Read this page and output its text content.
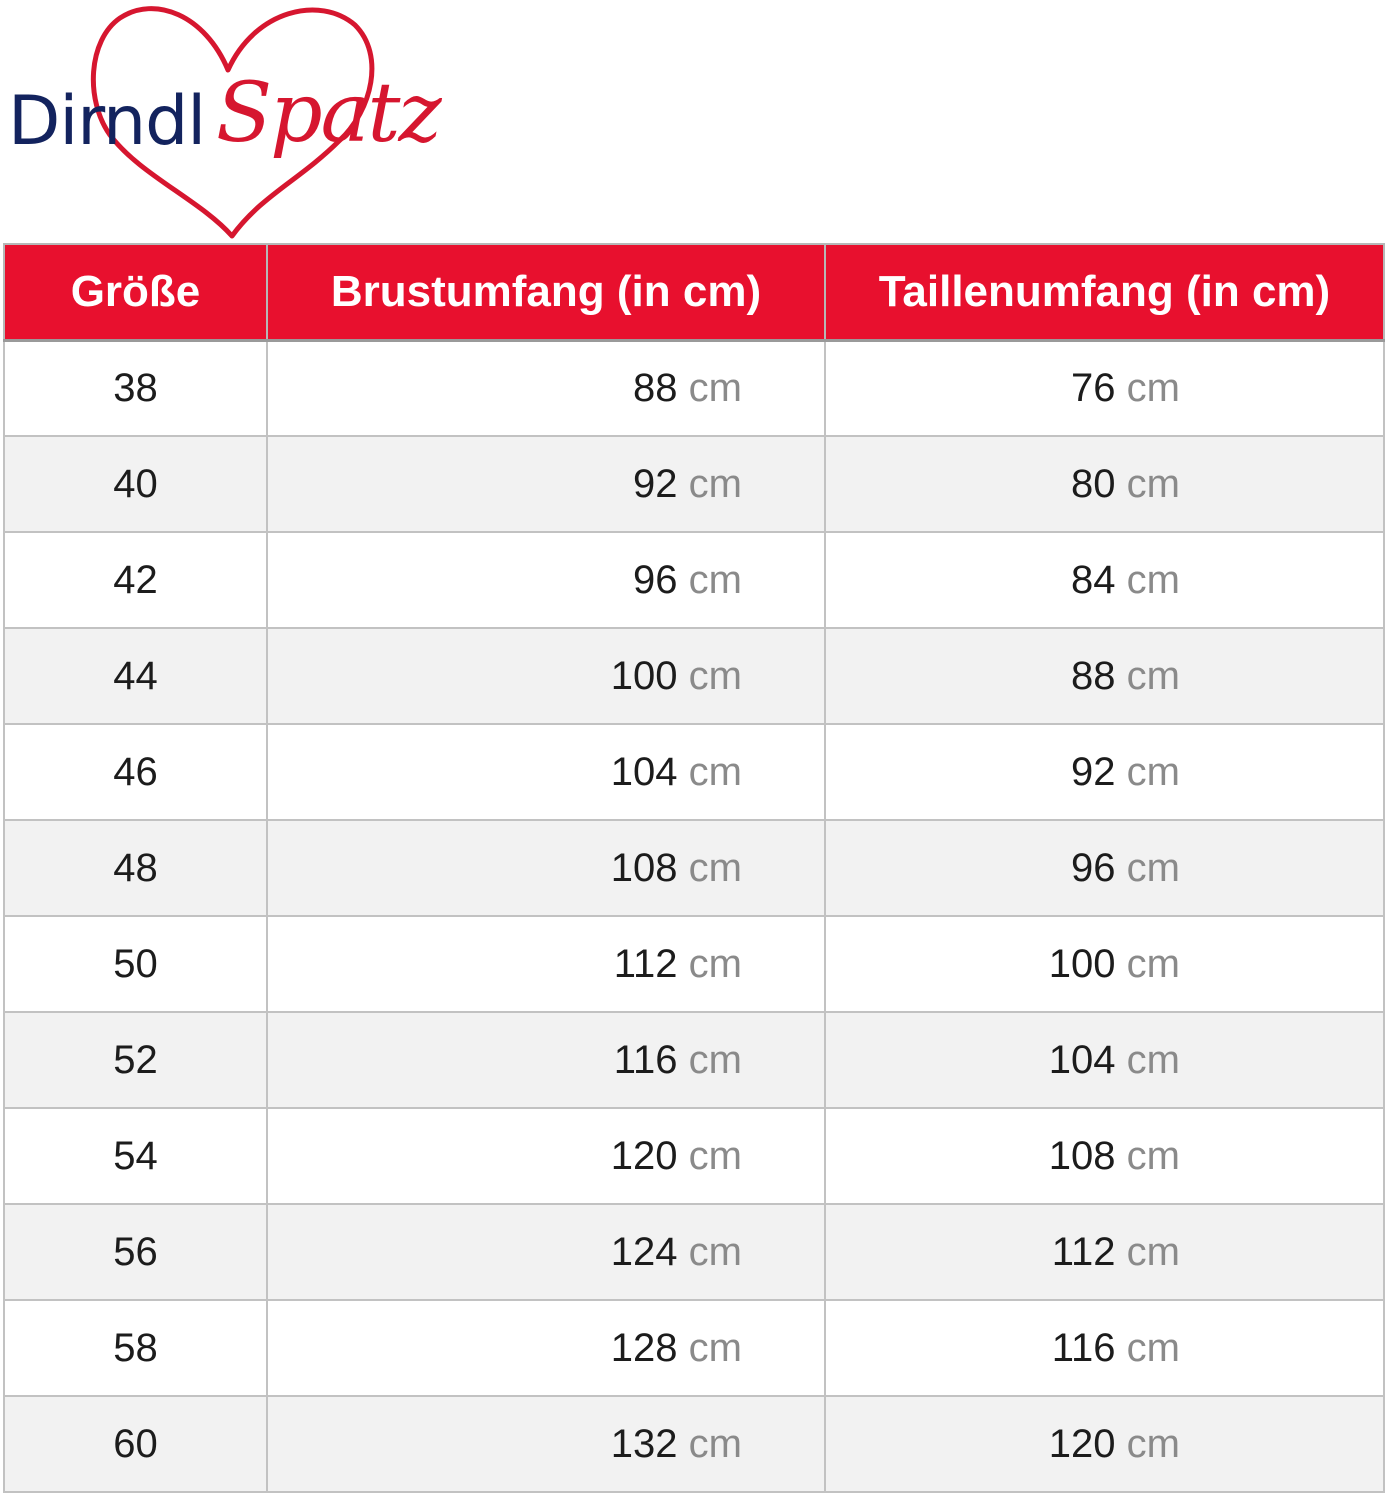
Dirndl Spatz
Größe	Brustumfang (in cm)	Taillenumfang (in cm)
38	88 cm	76 cm

40	92 cm	80 cm

42	96 cm	84 cm

44	100 cm	88 cm

46	104 cm	92 cm

48	108 cm	96 cm

50	112 cm	100 cm

52	116 cm	104 cm

54	120 cm	108 cm

56	124 cm	112 cm

58	128 cm	116 cm

60	132 cm	120 cm
